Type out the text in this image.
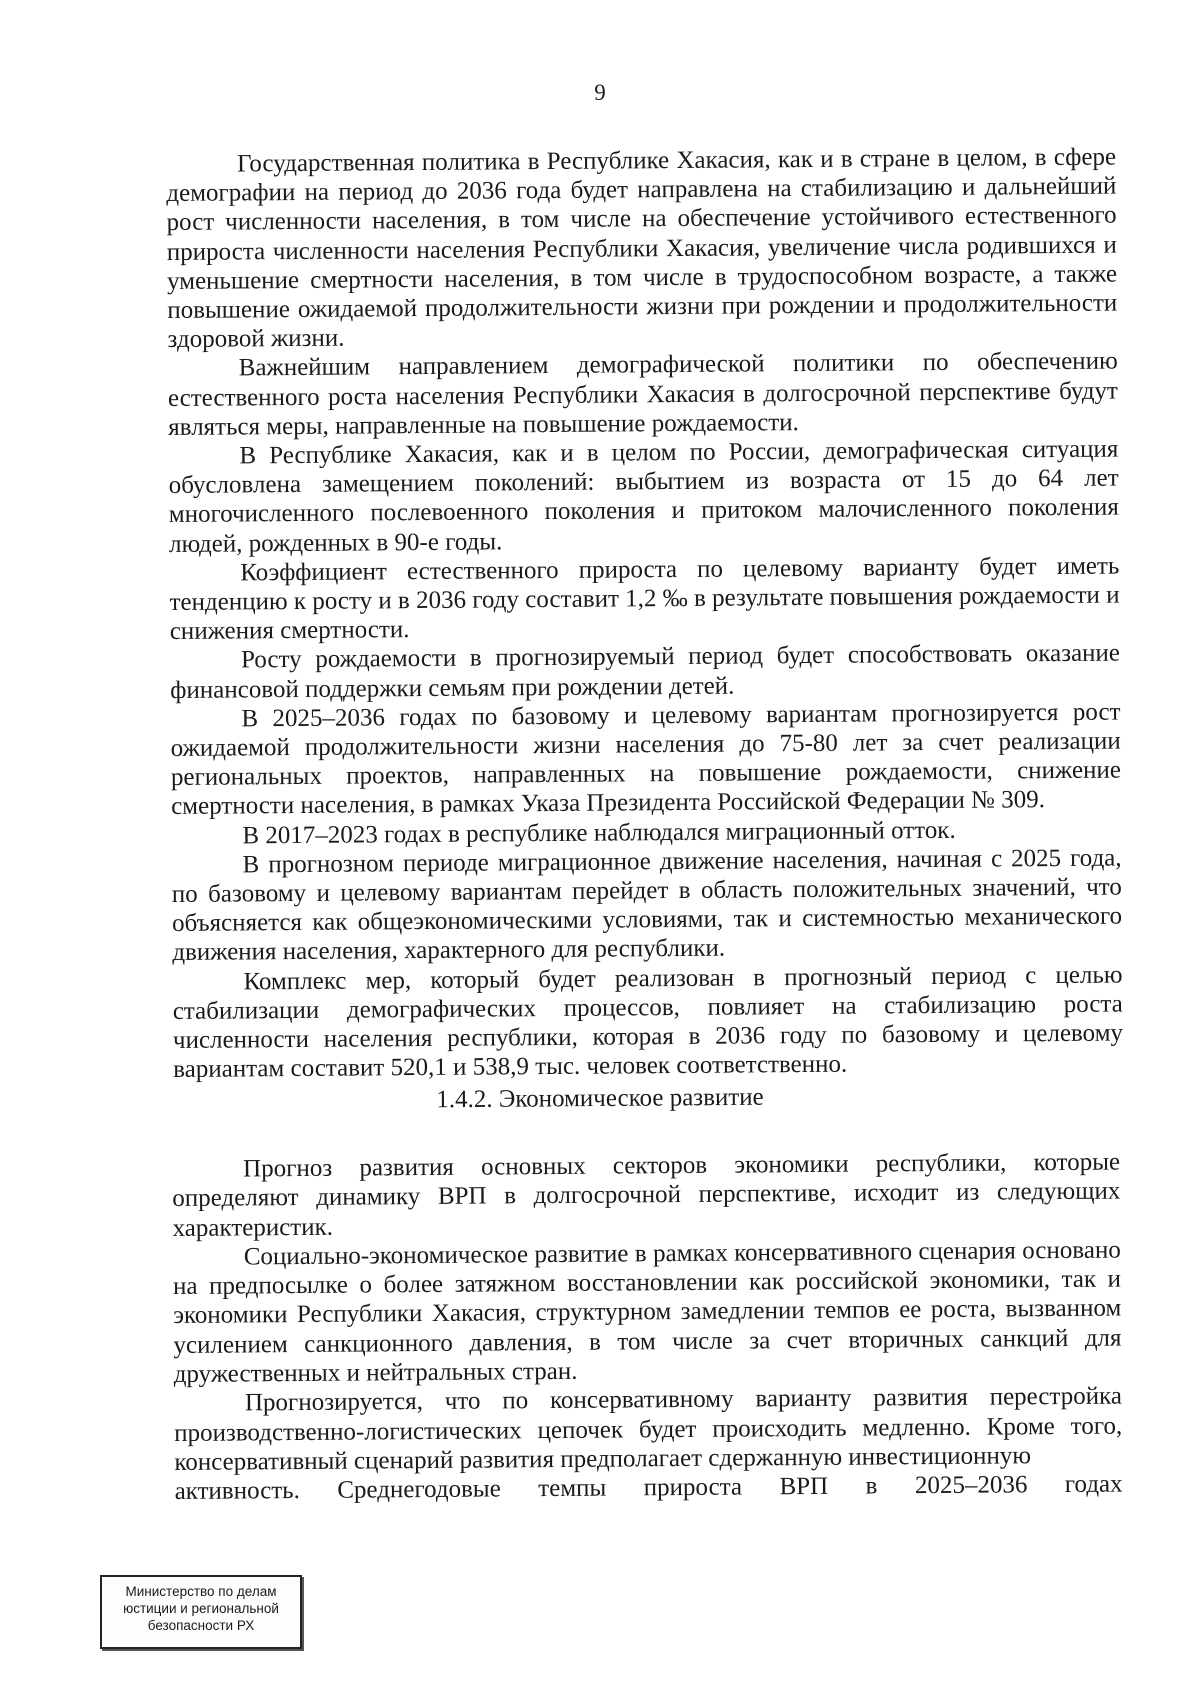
9

Государственная политика в Республике Хакасия, как и в стране в целом, в сфере демографии на период до 2036 года будет направлена на стабилизацию и дальнейший рост численности населения, в том числе на обеспечение устойчивого естественного прироста численности населения Республики Хакасия, увеличение числа родившихся и уменьшение смертности населения, в том числе в трудоспособном возрасте, а также повышение ожидаемой продолжительности жизни при рождении и продолжительности здоровой жизни.

Важнейшим направлением демографической политики по обеспечению естественного роста населения Республики Хакасия в долгосрочной перспективе будут являться меры, направленные на повышение рождаемости.

В Республике Хакасия, как и в целом по России, демографическая ситуация обусловлена замещением поколений: выбытием из возраста от 15 до 64 лет многочисленного послевоенного поколения и притоком малочисленного поколения людей, рожденных в 90-е годы.

Коэффициент естественного прироста по целевому варианту будет иметь тенденцию к росту и в 2036 году составит 1,2 ‰ в результате повышения рождаемости и снижения смертности.

Росту рождаемости в прогнозируемый период будет способствовать оказание финансовой поддержки семьям при рождении детей.

В 2025–2036 годах по базовому и целевому вариантам прогнозируется рост ожидаемой продолжительности жизни населения до 75-80 лет за счет реализации региональных проектов, направленных на повышение рождаемости, снижение смертности населения, в рамках Указа Президента Российской Федерации № 309.

В 2017–2023 годах в республике наблюдался миграционный отток.

В прогнозном периоде миграционное движение населения, начиная с 2025 года, по базовому и целевому вариантам перейдет в область положительных значений, что объясняется как общеэкономическими условиями, так и системностью механического движения населения, характерного для республики.

Комплекс мер, который будет реализован в прогнозный период с целью стабилизации демографических процессов, повлияет на стабилизацию роста численности населения республики, которая в 2036 году по базовому и целевому вариантам составит 520,1 и 538,9 тыс. человек соответственно.

1.4.2. Экономическое развитие

Прогноз развития основных секторов экономики республики, которые определяют динамику ВРП в долгосрочной перспективе, исходит из следующих характеристик.

Социально-экономическое развитие в рамках консервативного сценария основано на предпосылке о более затяжном восстановлении как российской экономики, так и экономики Республики Хакасия, структурном замедлении темпов ее роста, вызванном усилением санкционного давления, в том числе за счет вторичных санкций для дружественных и нейтральных стран.

Прогнозируется, что по консервативному варианту развития перестройка производственно-логистических цепочек будет происходить медленно. Кроме того, консервативный сценарий развития предполагает сдержанную инвестиционную

активность. Среднегодовые темпы прироста ВРП в 2025–2036 годах
Министерство по делам
юстиции и региональной
безопасности РХ
